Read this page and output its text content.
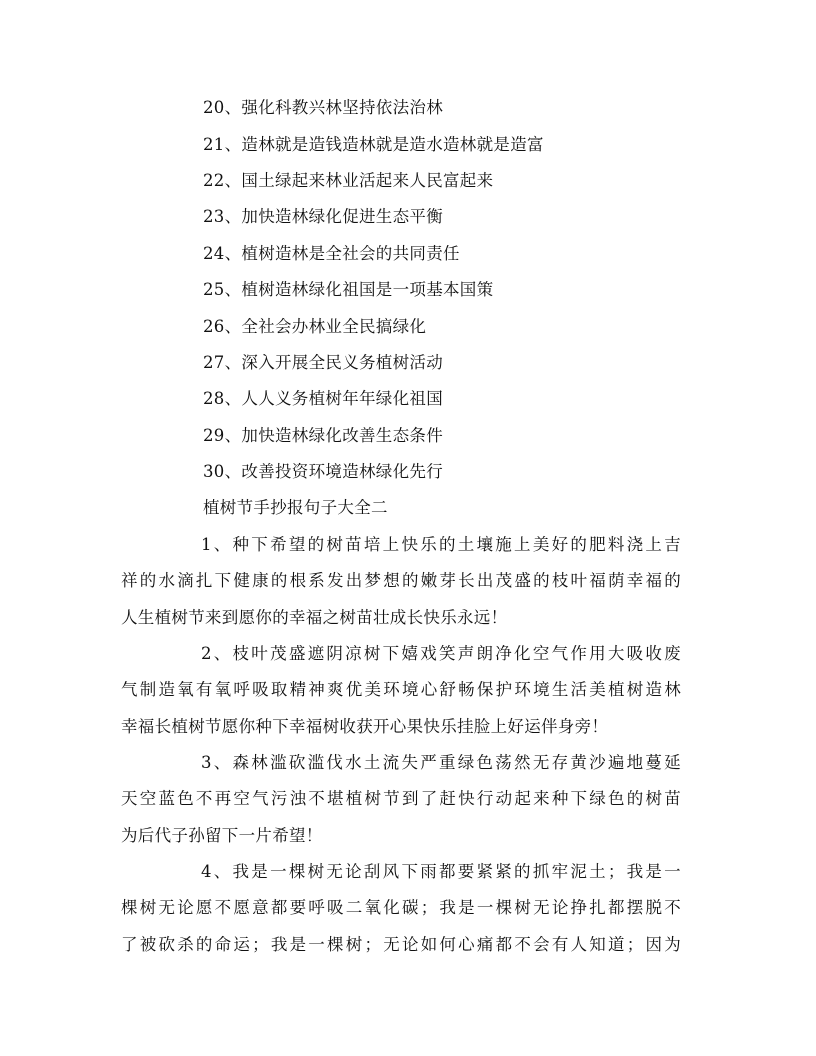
20、强化科教兴林坚持依法治林
21、造林就是造钱造林就是造水造林就是造富
22、国土绿起来林业活起来人民富起来
23、加快造林绿化促进生态平衡
24、植树造林是全社会的共同责任
25、植树造林绿化祖国是一项基本国策
26、全社会办林业全民搞绿化
27、深入开展全民义务植树活动
28、人人义务植树年年绿化祖国
29、加快造林绿化改善生态条件
30、改善投资环境造林绿化先行
植树节手抄报句子大全二
1、种下希望的树苗培上快乐的土壤施上美好的肥料浇上吉
祥的水滴扎下健康的根系发出梦想的嫩芽长出茂盛的枝叶福荫幸福的
人生植树节来到愿你的幸福之树苗壮成长快乐永远！
2、枝叶茂盛遮阴凉树下嬉戏笑声朗净化空气作用大吸收废
气制造氧有氧呼吸取精神爽优美环境心舒畅保护环境生活美植树造林
幸福长植树节愿你种下幸福树收获开心果快乐挂脸上好运伴身旁！
3、森林滥砍滥伐水土流失严重绿色荡然无存黄沙遍地蔓延
天空蓝色不再空气污浊不堪植树节到了赶快行动起来种下绿色的树苗
为后代子孙留下一片希望！
4、我是一棵树无论刮风下雨都要紧紧的抓牢泥土；我是一
棵树无论愿不愿意都要呼吸二氧化碳；我是一棵树无论挣扎都摆脱不
了被砍杀的命运；我是一棵树；无论如何心痛都不会有人知道；因为
